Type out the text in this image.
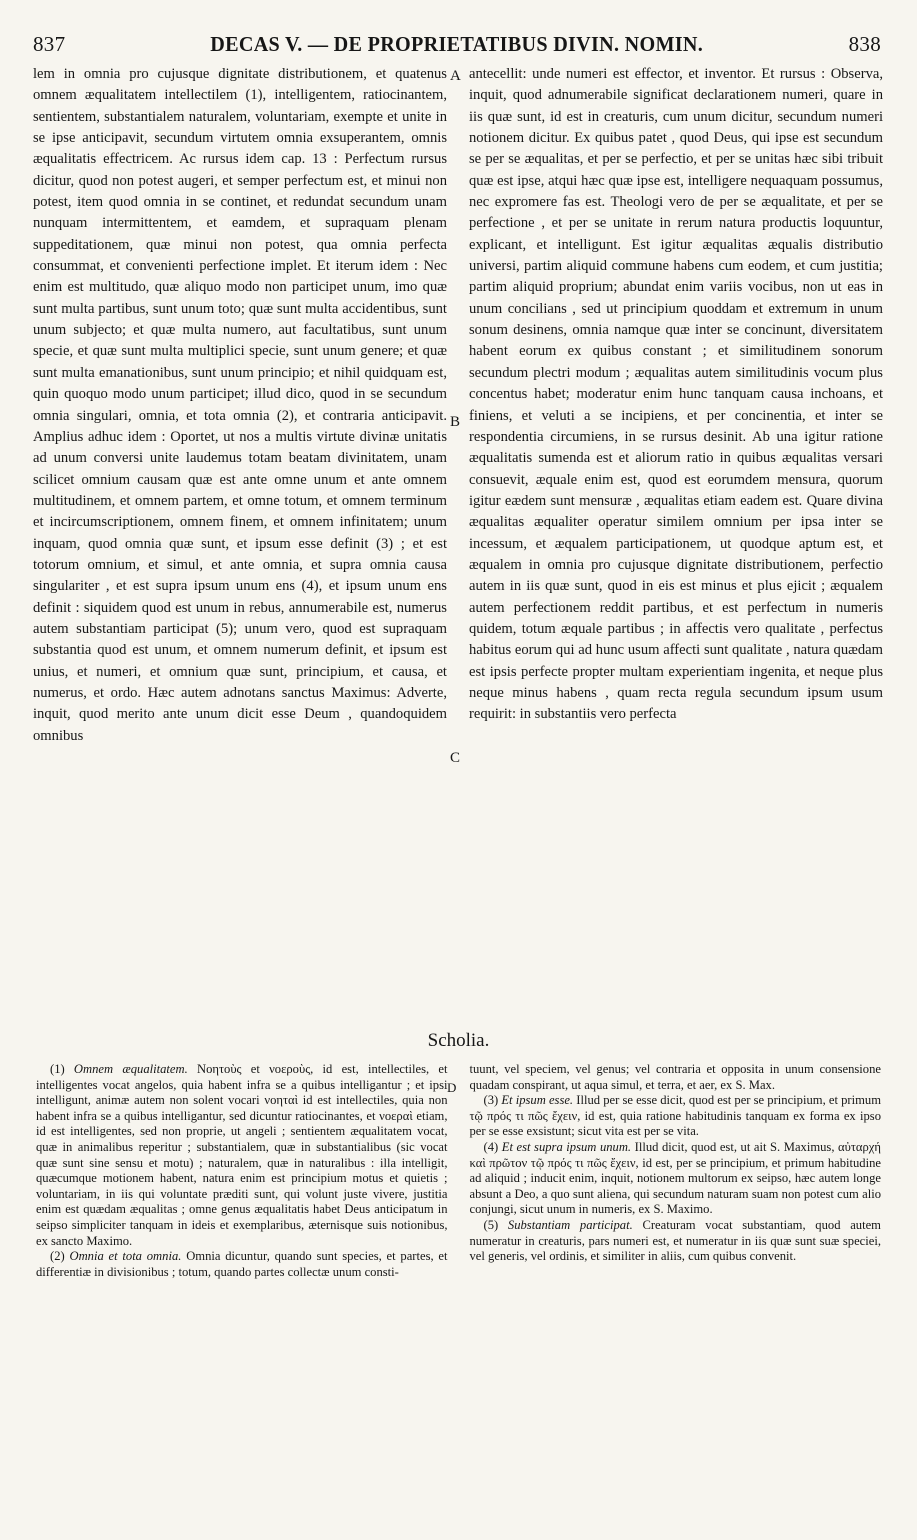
837	DECAS V. — DE PROPRIETATIBUS DIVIN. NOMIN.	838

lem in omnia pro cujusque dignitate distributionem, et quatenus omnem æqualitatem intellectilem (1), intelligentem, ratiocinantem, sentientem, substantialem naturalem, voluntariam, exempte et unite in se ipse anticipavit, secundum virtutem omnia exsuperantem, omnis æqualitatis effectricem. Ac rursus idem cap. 13 : Perfectum rursus dicitur, quod non potest augeri, et semper perfectum est, et minui non potest, item quod omnia in se continet, et redundat secundum unam nunquam intermittentem, et eamdem, et supraquam plenam suppeditationem, quæ minui non potest, qua omnia perfecta consummat, et convenienti perfectione implet. Et iterum idem : Nec enim est multitudo, quæ aliquo modo non participet unum, imo quæ sunt multa partibus, sunt unum toto; quæ sunt multa accidentibus, sunt unum subjecto; et quæ multa numero, aut facultatibus, sunt unum specie, et quæ sunt multa multiplici specie, sunt unum genere; et quæ sunt multa emanationibus, sunt unum principio; et nihil quidquam est, quin quoquo modo unum participet; illud dico, quod in se secundum omnia singulari, omnia, et tota omnia (2), et contraria anticipavit. Amplius adhuc idem : Oportet, ut nos a multis virtute divinæ unitatis ad unum conversi unite laudemus totam beatam divinitatem, unam scilicet omnium causam quæ est ante omne unum et ante omnem multitudinem, et omnem partem, et omne totum, et omnem terminum et incircumscriptionem, omnem finem, et omnem infinitatem; unum inquam, quod omnia quæ sunt, et ipsum esse definit (3) ; et est totorum omnium, et simul, et ante omnia, et supra omnia causa singulariter , et est supra ipsum unum ens (4), et ipsum unum ens definit : siquidem quod est unum in rebus, annumerabile est, numerus autem substantiam participat (5); unum vero, quod est supraquam substantia quod est unum, et omnem numerum definit, et ipsum est unius, et numeri, et omnium quæ sunt, principium, et causa, et numerus, et ordo. Hæc autem adnotans sanctus Maximus: Adverte, inquit, quod merito ante unum dicit esse Deum , quandoquidem omnibus

antecellit: unde numeri est effector, et inventor. Et rursus : Observa, inquit, quod adnumerabile significat declarationem numeri, quare in iis quæ sunt, id est in creaturis, cum unum dicitur, secundum numeri notionem dicitur. Ex quibus patet , quod Deus, qui ipse est secundum se per se æqualitas, et per se perfectio, et per se unitas hæc sibi tribuit quæ est ipse, atqui hæc quæ ipse est, intelligere nequaquam possumus, nec expromere fas est. Theologi vero de per se æqualitate, et per se perfectione , et per se unitate in rerum natura productis loquuntur, explicant, et intelligunt. Est igitur æqualitas æqualis distributio universi, partim aliquid commune habens cum eodem, et cum justitia; partim aliquid proprium; abundat enim variis vocibus, non ut eas in unum concilians , sed ut principium quoddam et extremum in unum sonum desinens, omnia namque quæ inter se concinunt, diversitatem habent eorum ex quibus constant ; et similitudinem sonorum secundum plectri modum ; æqualitas autem similitudinis vocum plus concentus habet; moderatur enim hunc tanquam causa inchoans, et finiens, et veluti a se incipiens, et per concinentia, et inter se respondentia circumiens, in se rursus desinit. Ab una igitur ratione æqualitatis sumenda est et aliorum ratio in quibus æqualitas versari consuevit, æquale enim est, quod est eorumdem mensura, quorum igitur eædem sunt mensuræ , æqualitas etiam eadem est. Quare divina æqualitas æqualiter operatur similem omnium per ipsa inter se incessum, et æqualem participationem, ut quodque aptum est, et æqualem in omnia pro cujusque dignitate distributionem, perfectio autem in iis quæ sunt, quod in eis est minus et plus ejicit ; æqualem autem perfectionem reddit partibus, et est perfectum in numeris quidem, totum æquale partibus ; in affectis vero qualitate , perfectus habitus eorum qui ad hunc usum affecti sunt qualitate , natura quædam est ipsis perfecte propter multam experientiam ingenita, et neque plus neque minus habens , quam recta regula secundum ipsum usum requirit: in substantiis vero perfecta

A
B
C
Scholia.
D

(1) Omnem æqualitatem. Νοητοὺς et νοεροὺς, id est, intellectiles, et intelligentes vocat angelos, quia habent infra se a quibus intelligantur ; et ipsi intelligunt, animæ autem non solent vocari νοηταὶ id est intellectiles, quia non habent infra se a quibus intelligantur, sed dicuntur ratiocinantes, et νοεραὶ etiam, id est intelligentes, sed non proprie, ut angeli ; sentientem æqualitatem vocat, quæ in animalibus reperitur ; substantialem, quæ in substantialibus (sic vocat quæ sunt sine sensu et motu) ; naturalem, quæ in naturalibus : illa intelligit, quæcumque motionem habent, natura enim est principium motus et quietis ; voluntariam, in iis qui voluntate præditi sunt, qui volunt juste vivere, justitia enim est quædam æqualitas ; omne genus æqualitatis habet Deus anticipatum in seipso simpliciter tanquam in ideis et exemplaribus, æternisque suis notionibus, ex sancto Maximo.

(2) Omnia et tota omnia. Omnia dicuntur, quando sunt species, et partes, et differentiæ in divisionibus ; totum, quando partes collectæ unum consti-

tuunt, vel speciem, vel genus; vel contraria et opposita in unum consensione quadam conspirant, ut aqua simul, et terra, et aer, ex S. Max.

(3) Et ipsum esse. Illud per se esse dicit, quod est per se principium, et primum τῷ πρός τι πῶς ἔχειν, id est, quia ratione habitudinis tanquam ex forma ex ipso per se esse exsistunt; sicut vita est per se vita.

(4) Et est supra ipsum unum. Illud dicit, quod est, ut ait S. Maximus, αὐταρχή καὶ πρῶτον τῷ πρός τι πῶς ἔχειν, id est, per se principium, et primum habitudine ad aliquid ; inducit enim, inquit, notionem multorum ex seipso, hæc autem longe absunt a Deo, a quo sunt aliena, qui secundum naturam suam non potest cum alio conjungi, sicut unum in numeris, ex S. Maximo.

(5) Substantiam participat. Creaturam vocat substantiam, quod autem numeratur in creaturis, pars numeri est, et numeratur in iis quæ sunt suæ speciei, vel generis, vel ordinis, et similiter in aliis, cum quibus convenit.
